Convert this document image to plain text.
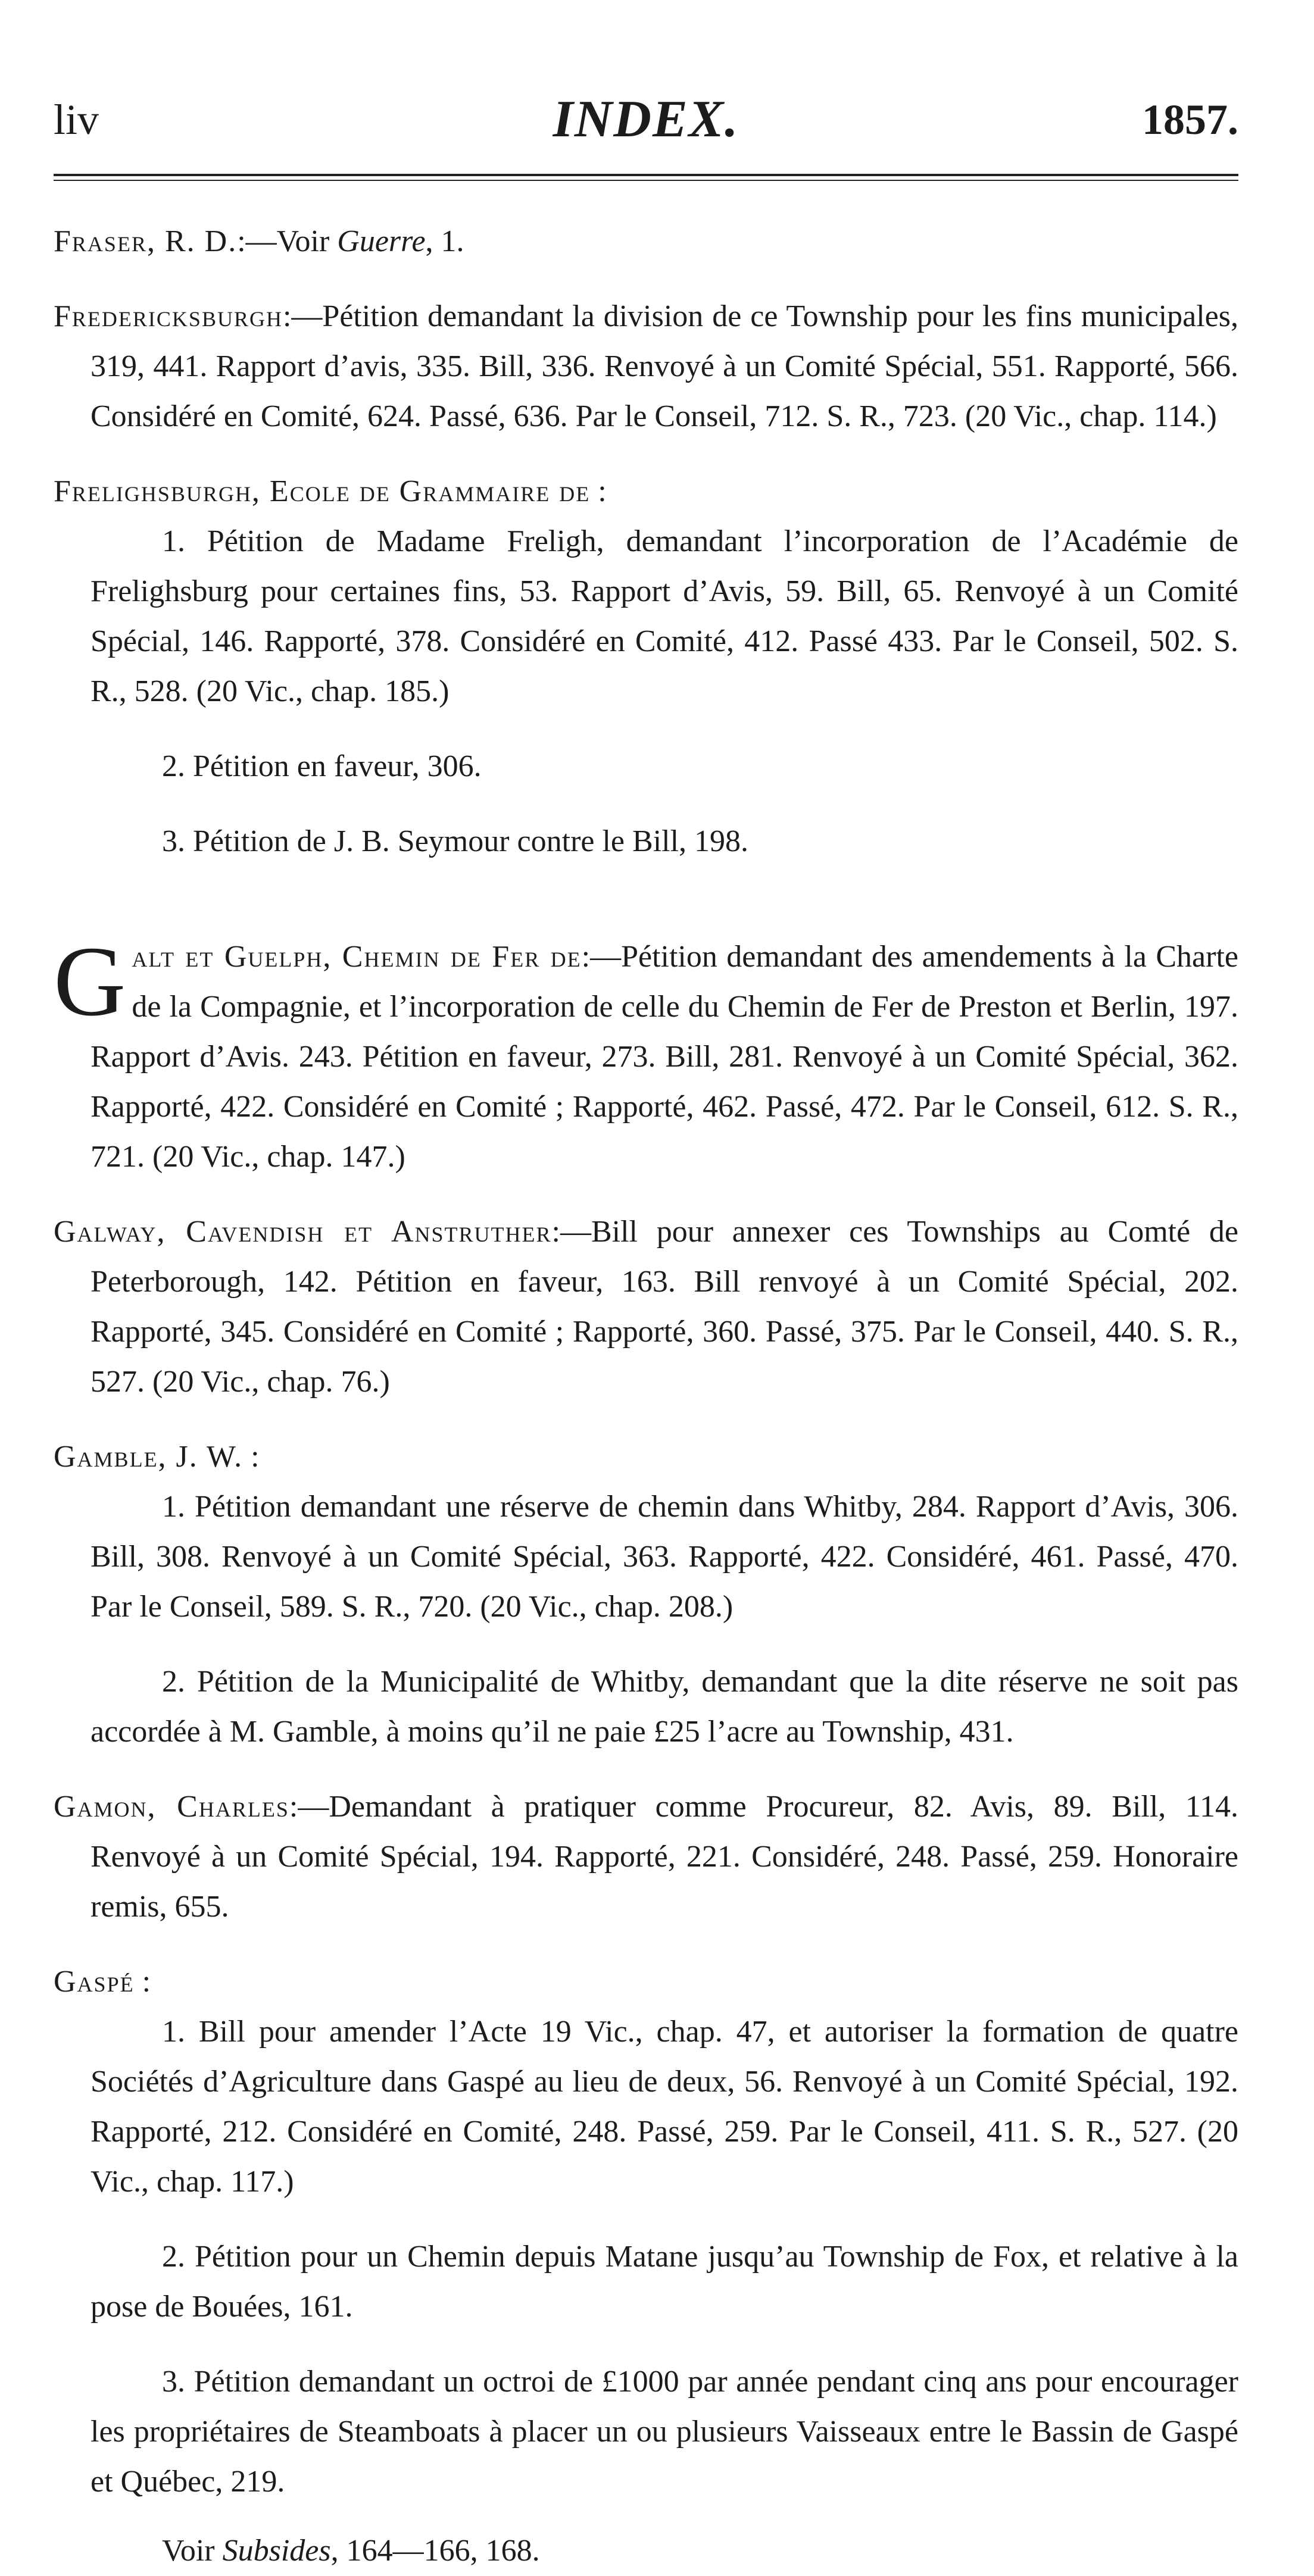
liv	INDEX.	1857.

Fraser, R. D.:—Voir Guerre, 1.

Fredericksburgh:—Pétition demandant la division de ce Township pour les fins municipales, 319, 441. Rapport d’avis, 335. Bill, 336. Renvoyé à un Comité Spécial, 551. Rapporté, 566. Considéré en Comité, 624. Passé, 636. Par le Conseil, 712. S. R., 723. (20 Vic., chap. 114.)

Frelighsburgh, Ecole de Grammaire de :

1. Pétition de Madame Freligh, demandant l’incorporation de l’Académie de Frelighsburg pour certaines fins, 53. Rapport d’Avis, 59. Bill, 65. Renvoyé à un Comité Spécial, 146. Rapporté, 378. Considéré en Comité, 412. Passé 433. Par le Conseil, 502. S. R., 528. (20 Vic., chap. 185.)

2. Pétition en faveur, 306.

3. Pétition de J. B. Seymour contre le Bill, 198.

Galt et Guelph, Chemin de Fer de:—Pétition demandant des amendements à la Charte de la Compagnie, et l’incorporation de celle du Chemin de Fer de Preston et Berlin, 197. Rapport d’Avis. 243. Pétition en faveur, 273. Bill, 281. Renvoyé à un Comité Spécial, 362. Rapporté, 422. Considéré en Comité ; Rapporté, 462. Passé, 472. Par le Conseil, 612. S. R., 721. (20 Vic., chap. 147.)

Galway, Cavendish et Anstruther:—Bill pour annexer ces Townships au Comté de Peterborough, 142. Pétition en faveur, 163. Bill renvoyé à un Comité Spécial, 202. Rapporté, 345. Considéré en Comité ; Rapporté, 360. Passé, 375. Par le Conseil, 440. S. R., 527. (20 Vic., chap. 76.)

Gamble, J. W. :

1. Pétition demandant une réserve de chemin dans Whitby, 284. Rapport d’Avis, 306. Bill, 308. Renvoyé à un Comité Spécial, 363. Rapporté, 422. Considéré, 461. Passé, 470. Par le Conseil, 589. S. R., 720. (20 Vic., chap. 208.)

2. Pétition de la Municipalité de Whitby, demandant que la dite réserve ne soit pas accordée à M. Gamble, à moins qu’il ne paie £25 l’acre au Township, 431.

Gamon, Charles:—Demandant à pratiquer comme Procureur, 82. Avis, 89. Bill, 114. Renvoyé à un Comité Spécial, 194. Rapporté, 221. Considéré, 248. Passé, 259. Honoraire remis, 655.

Gaspé :

1. Bill pour amender l’Acte 19 Vic., chap. 47, et autoriser la formation de quatre Sociétés d’Agriculture dans Gaspé au lieu de deux, 56. Renvoyé à un Comité Spécial, 192. Rapporté, 212. Considéré en Comité, 248. Passé, 259. Par le Conseil, 411. S. R., 527. (20 Vic., chap. 117.)

2. Pétition pour un Chemin depuis Matane jusqu’au Township de Fox, et relative à la pose de Bouées, 161.

3. Pétition demandant un octroi de £1000 par année pendant cinq ans pour encourager les propriétaires de Steamboats à placer un ou plusieurs Vaisseaux entre le Bassin de Gaspé et Québec, 219.

Voir Subsides, 164—166, 168.
